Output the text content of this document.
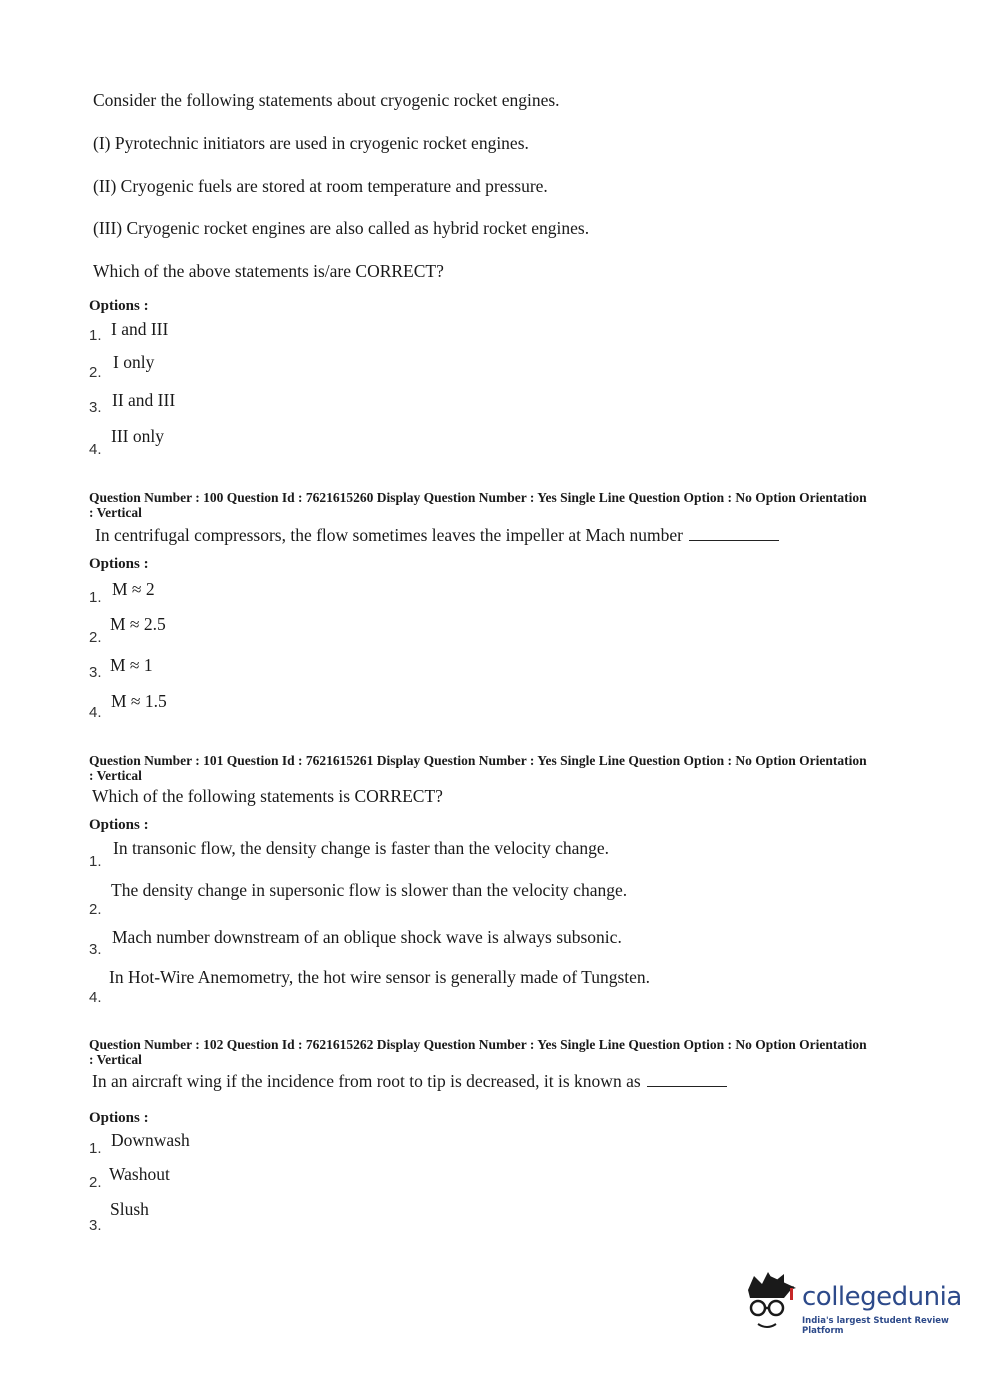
Consider the following statements about cryogenic rocket engines.
(I) Pyrotechnic initiators are used in cryogenic rocket engines.
(II) Cryogenic fuels are stored at room temperature and pressure.
(III) Cryogenic rocket engines are also called as hybrid rocket engines.
Which of the above statements is/are CORRECT?
Options :
1. I and III
2.
I only
3. II and III
4.
III only
Question Number : 100 Question Id : 7621615260 Display Question Number : Yes Single Line Question Option : No Option Orientation : Vertical
In centrifugal compressors, the flow sometimes leaves the impeller at Mach number
Options :
1. M ≈ 2
2.
M ≈ 2.5
3. M ≈ 1
4.
M ≈ 1.5
Question Number : 101 Question Id : 7621615261 Display Question Number : Yes Single Line Question Option : No Option Orientation : Vertical
Which of the following statements is CORRECT?
Options :
1.
In transonic flow, the density change is faster than the velocity change.
2.
The density change in supersonic flow is slower than the velocity change.
3.
Mach number downstream of an oblique shock wave is always subsonic.
4.
In Hot-Wire Anemometry, the hot wire sensor is generally made of Tungsten.
Question Number : 102 Question Id : 7621615262 Display Question Number : Yes Single Line Question Option : No Option Orientation : Vertical
In an aircraft wing if the incidence from root to tip is decreased, it is known as
Options :
1. Downwash
2. Washout
3.
Slush
collegedunia
India's largest Student Review Platform
